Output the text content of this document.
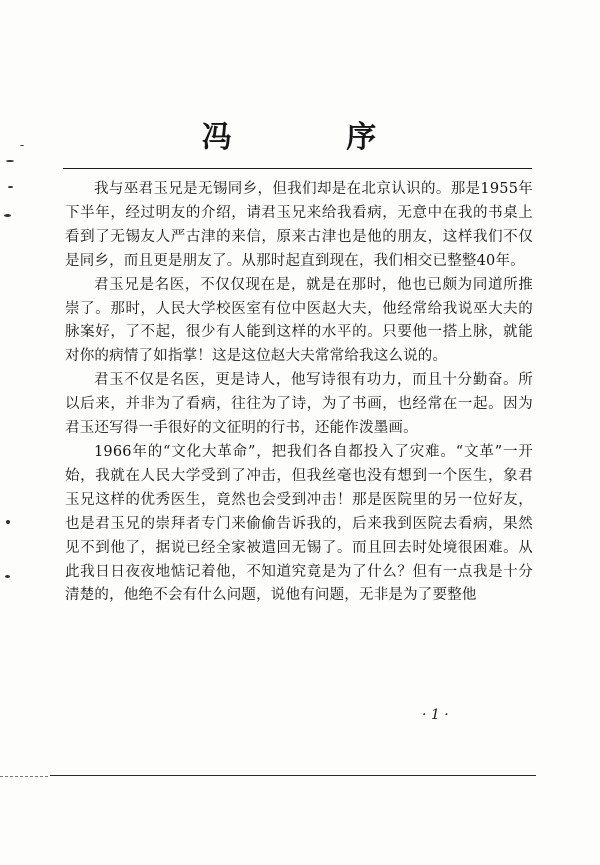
冯 序

我与巫君玉兄是无锡同乡，但我们却是在北京认识的。那是1955年下半年，经过明友的介绍，请君玉兄来给我看病，无意中在我的书桌上看到了无锡友人严古津的来信，原来古津也是他的朋友，这样我们不仅是同乡，而且更是朋友了。从那时起直到现在，我们相交已整整40年。

君玉兄是名医，不仅仅现在是，就是在那时，他也已颇为同道所推崇了。那时，人民大学校医室有位中医赵大夫，他经常给我说巫大夫的脉案好，了不起，很少有人能到这样的水平的。只要他一搭上脉，就能对你的病情了如指掌！这是这位赵大夫常常给我这么说的。

君玉不仅是名医，更是诗人，他写诗很有功力，而且十分勤奋。所以后来，并非为了看病，往往为了诗，为了书画，也经常在一起。因为君玉还写得一手很好的文征明的行书，还能作泼墨画。

1966年的“文化大革命”，把我们各自都投入了灾难。“文革”一开始，我就在人民大学受到了冲击，但我丝毫也没有想到一个医生，象君玉兄这样的优秀医生，竟然也会受到冲击！那是医院里的另一位好友，也是君玉兄的崇拜者专门来偷偷告诉我的，后来我到医院去看病，果然见不到他了，据说已经全家被遣回无锡了。而且回去时处境很困难。从此我日日夜夜地惦记着他，不知道究竟是为了什么？但有一点我是十分清楚的，他绝不会有什么问题，说他有问题，无非是为了要整他

· 1 ·
